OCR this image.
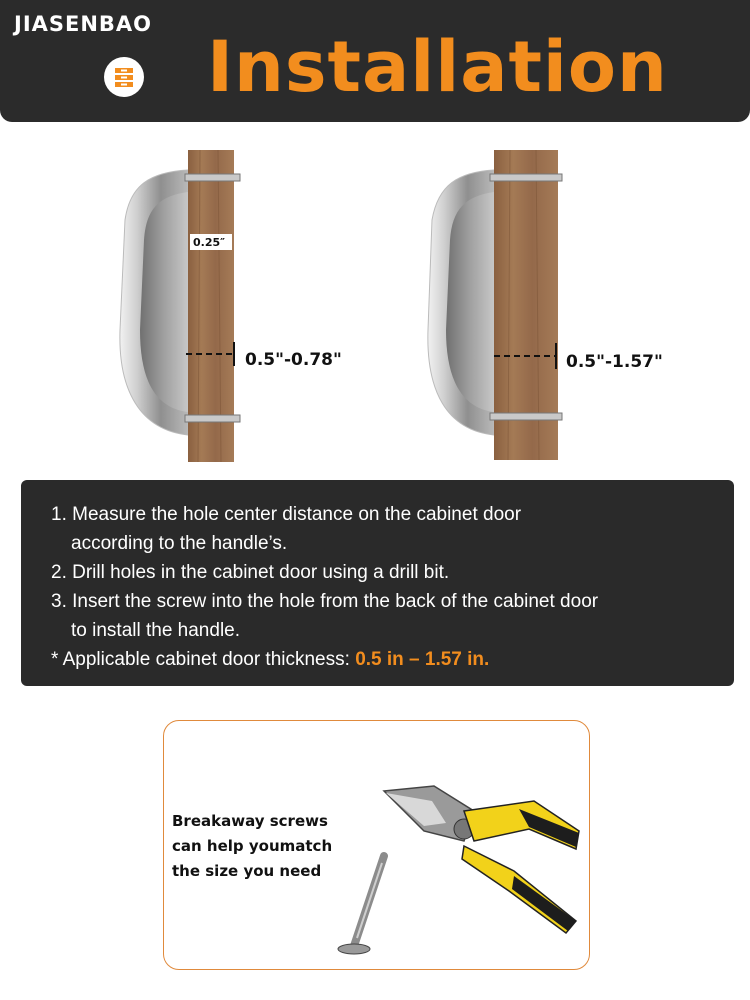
JIASENBAO
Installation
0.25″
0.5"-0.78"	0.5"-1.57"

1. Measure the hole center distance on the cabinet door
according to the handle’s.

2. Drill holes in the cabinet door using a drill bit.

3. Insert the screw into the hole from the back of the cabinet door
to install the handle.

* Applicable cabinet door thickness: 0.5 in – 1.57 in.

Breakaway screws
can help youmatch
the size you need
